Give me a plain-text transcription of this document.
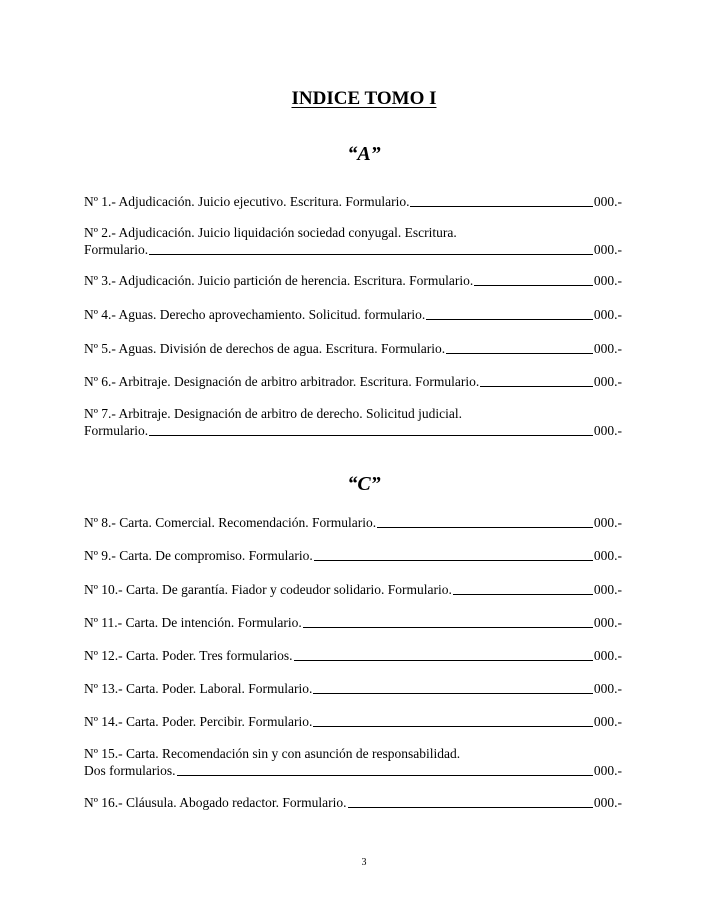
INDICE TOMO I
“A”
Nº 1.- Adjudicación. Juicio ejecutivo. Escritura. Formulario.	000.-
Nº 2.- Adjudicación. Juicio liquidación sociedad conyugal. Escritura.
Formulario.	000.-
Nº 3.- Adjudicación. Juicio partición de herencia. Escritura. Formulario.	000.-
Nº 4.- Aguas. Derecho aprovechamiento. Solicitud. formulario.	000.-
Nº 5.- Aguas. División de derechos de agua. Escritura. Formulario.	000.-
Nº 6.- Arbitraje. Designación de arbitro arbitrador. Escritura. Formulario.	000.-
Nº 7.- Arbitraje. Designación de arbitro de derecho. Solicitud judicial.
Formulario.	000.-
“C”
Nº 8.- Carta. Comercial. Recomendación. Formulario.	000.-
Nº 9.- Carta. De compromiso. Formulario.	000.-
Nº 10.- Carta. De garantía. Fiador y codeudor solidario. Formulario.	000.-
Nº 11.- Carta. De intención. Formulario.	000.-
Nº 12.- Carta. Poder. Tres formularios.	000.-
Nº 13.- Carta. Poder. Laboral. Formulario.	000.-
Nº 14.- Carta. Poder. Percibir. Formulario.	000.-
Nº 15.- Carta. Recomendación sin y con asunción de responsabilidad.
Dos formularios.	000.-
Nº 16.- Cláusula. Abogado redactor. Formulario.	000.-
3
